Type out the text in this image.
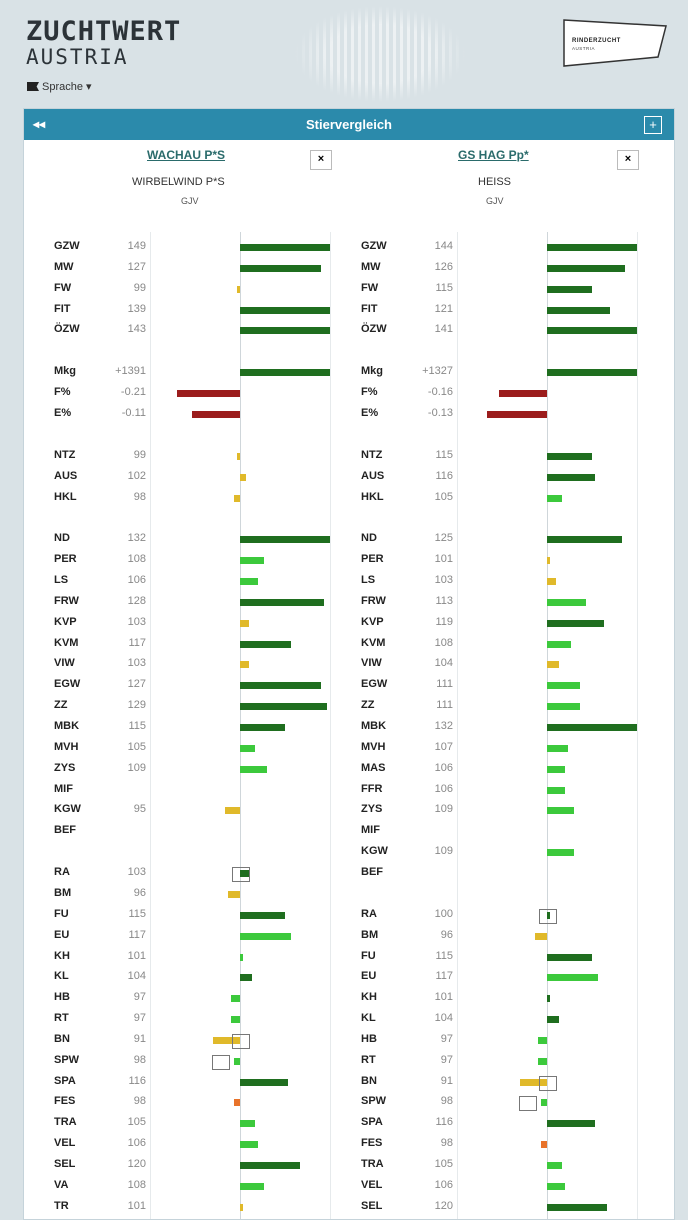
ZUCHTWERT
AUSTRIA
Sprache ▾
RINDERZUCHT
AUSTRIA
◂◂	Stiervergleich	+
WACHAU P*S	×
WIRBELWIND P*S
GJV
GZW	149
MW	127
FW	99
FIT	139
ÖZW	143
Mkg	+1391
F%	-0.21
E%	-0.11
NTZ	99
AUS	102
HKL	98
ND	132
PER	108
LS	106
FRW	128
KVP	103
KVM	117
VIW	103
EGW	127
ZZ	129
MBK	115
MVH	105
ZYS	109
MIF
KGW	95
BEF
RA	103
BM	96
FU	115
EU	117
KH	101
KL	104
HB	97
RT	97
BN	91
SPW	98
SPA	116
FES	98
TRA	105
VEL	106
SEL	120
VA	108
TR	101
GS HAG Pp*	×
HEISS
GJV
GZW	144
MW	126
FW	115
FIT	121
ÖZW	141
Mkg	+1327
F%	-0.16
E%	-0.13
NTZ	115
AUS	116
HKL	105
ND	125
PER	101
LS	103
FRW	113
KVP	119
KVM	108
VIW	104
EGW	111
ZZ	111
MBK	132
MVH	107
MAS	106
FFR	106
ZYS	109
MIF
KGW	109
BEF
RA	100
BM	96
FU	115
EU	117
KH	101
KL	104
HB	97
RT	97
BN	91
SPW	98
SPA	116
FES	98
TRA	105
VEL	106
SEL	120
